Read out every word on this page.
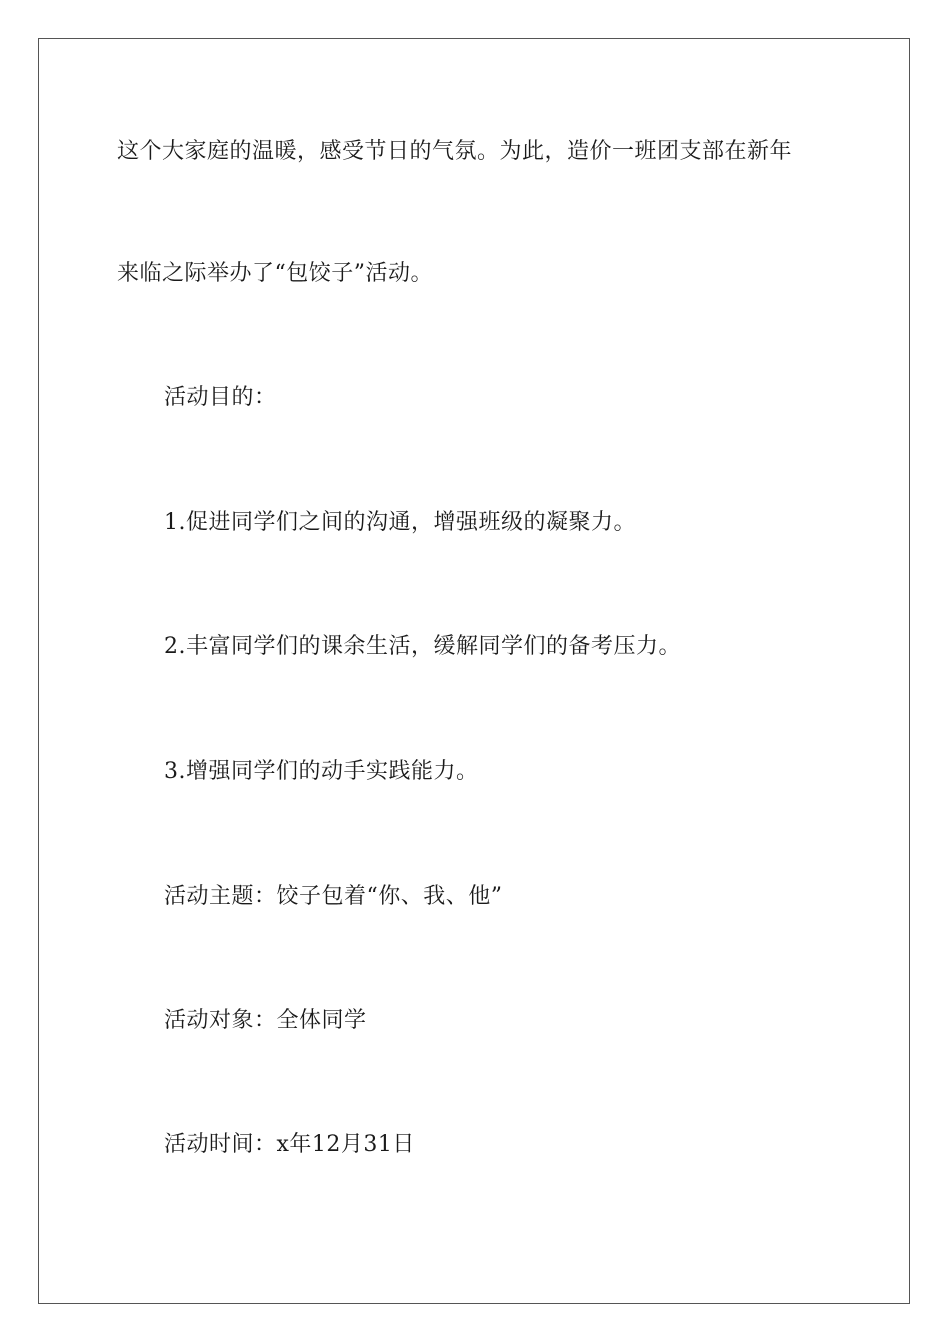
这个大家庭的温暖，感受节日的气氛。为此，造价一班团支部在新年
来临之际举办了“包饺子”活动。
活动目的：
1.促进同学们之间的沟通，增强班级的凝聚力。
2.丰富同学们的课余生活，缓解同学们的备考压力。
3.增强同学们的动手实践能力。
活动主题：饺子包着“你、我、他”
活动对象：全体同学
活动时间：x年12月31日
